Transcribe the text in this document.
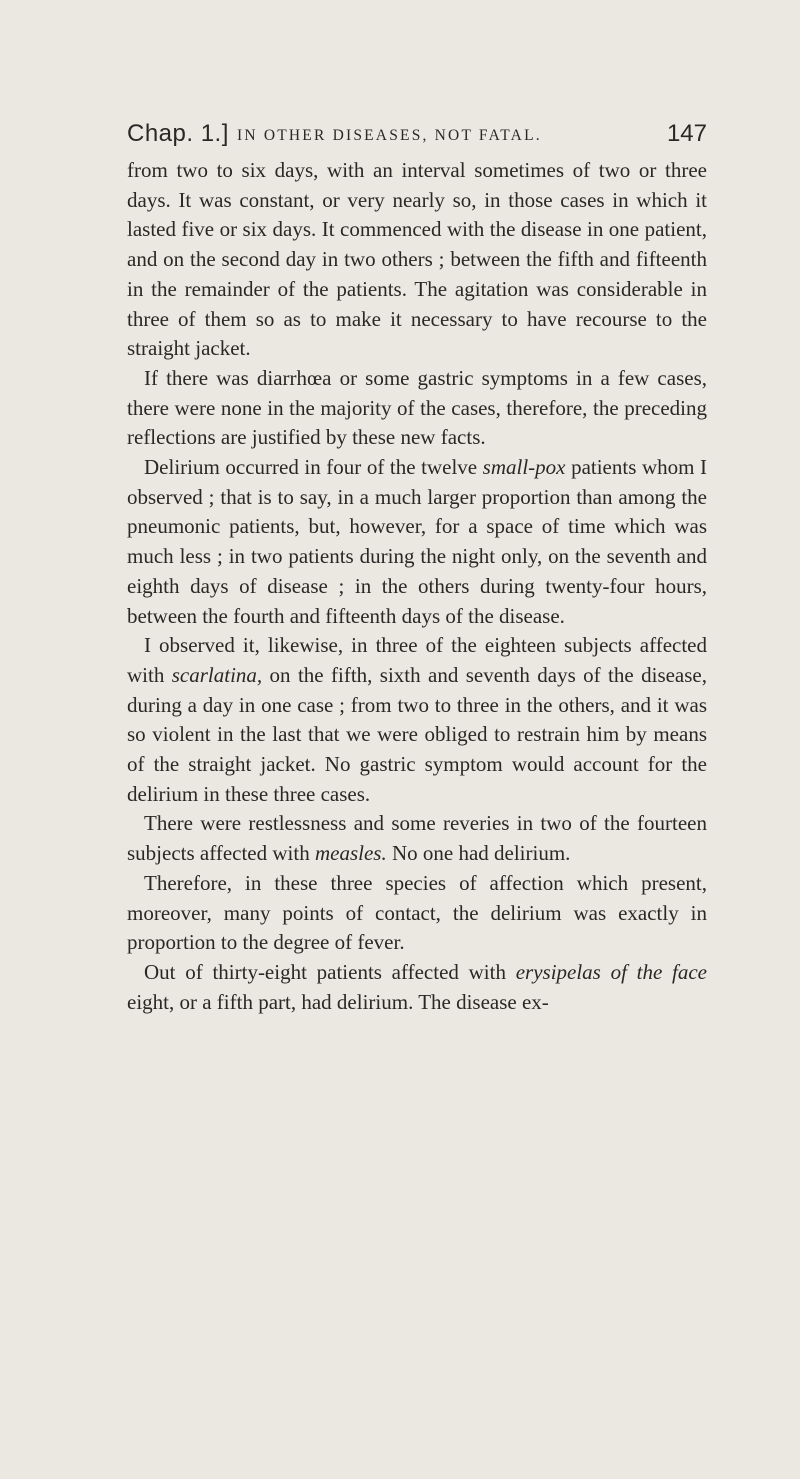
Chap. 1.] IN OTHER DISEASES, NOT FATAL.	147

from two to six days, with an interval sometimes of two or three days. It was constant, or very nearly so, in those cases in which it lasted five or six days. It commenced with the disease in one patient, and on the second day in two others ; between the fifth and fifteenth in the remainder of the patients. The agitation was considerable in three of them so as to make it necessary to have recourse to the straight jacket.

If there was diarrhœa or some gastric symptoms in a few cases, there were none in the majority of the cases, therefore, the preceding reflections are justified by these new facts.

Delirium occurred in four of the twelve small-pox patients whom I observed ; that is to say, in a much larger proportion than among the pneumonic patients, but, however, for a space of time which was much less ; in two patients during the night only, on the seventh and eighth days of disease ; in the others during twenty-four hours, between the fourth and fifteenth days of the disease.

I observed it, likewise, in three of the eighteen subjects affected with scarlatina, on the fifth, sixth and seventh days of the disease, during a day in one case ; from two to three in the others, and it was so violent in the last that we were obliged to restrain him by means of the straight jacket. No gastric symptom would account for the delirium in these three cases.

There were restlessness and some reveries in two of the fourteen subjects affected with measles. No one had delirium.

Therefore, in these three species of affection which present, moreover, many points of contact, the delirium was exactly in proportion to the degree of fever.

Out of thirty-eight patients affected with erysipelas of the face eight, or a fifth part, had delirium. The disease ex-
